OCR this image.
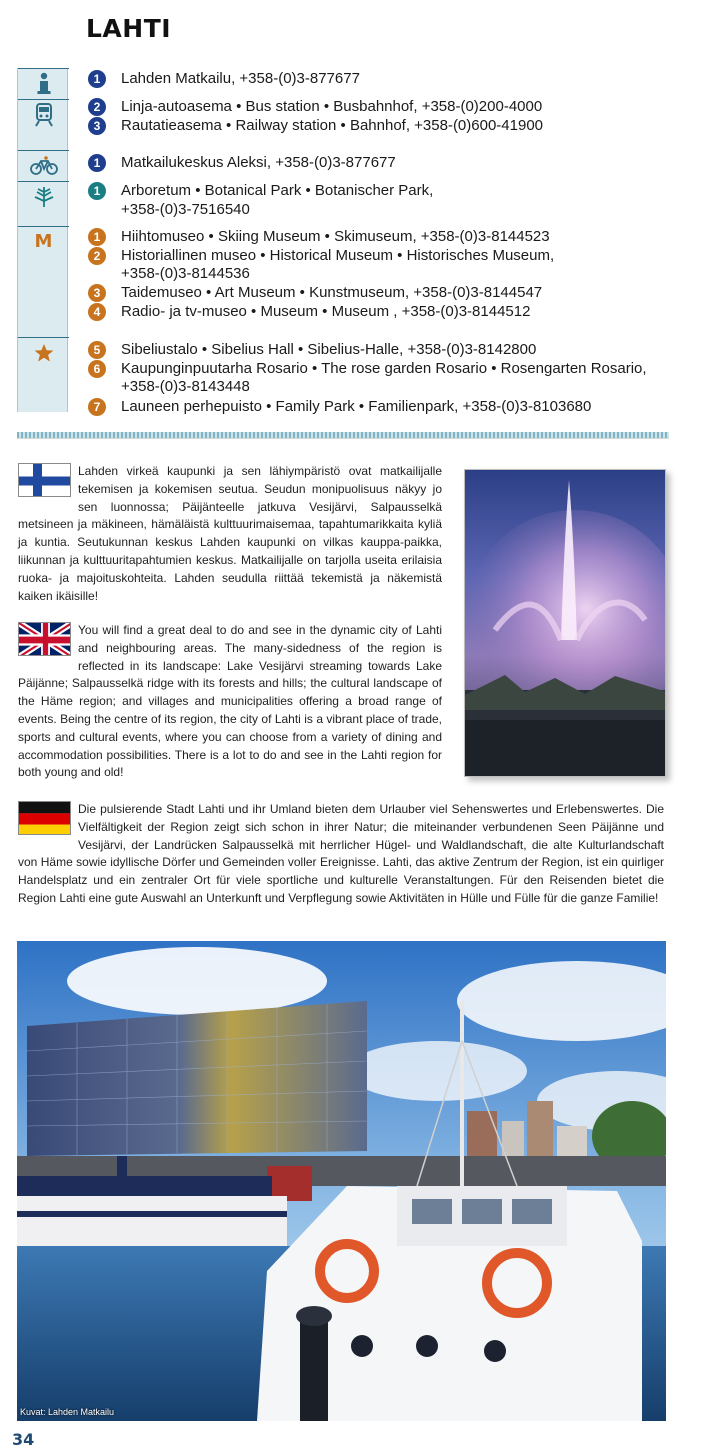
LAHTI
M
1	Lahden Matkailu, +358-(0)3-877677
2	Linja-autoasema • Bus station • Busbahnhof, +358-(0)200-4000
3	Rautatieasema • Railway station • Bahnhof, +358-(0)600-41900
1	Matkailukeskus Aleksi, +358-(0)3-877677
1	Arboretum • Botanical Park • Botanischer Park,
+358-(0)3-7516540
1	Hiihtomuseo • Skiing Museum • Skimuseum, +358-(0)3-8144523
2	Historiallinen museo • Historical Museum • Historisches Museum,
+358-(0)3-8144536
3	Taidemuseo • Art Museum • Kunstmuseum, +358-(0)3-8144547
4	Radio- ja tv-museo • Museum • Museum , +358-(0)3-8144512
5	Sibeliustalo • Sibelius Hall • Sibelius-Halle, +358-(0)3-8142800
6	Kaupunginpuutarha Rosario • The rose garden Rosario • Rosengarten Rosario,
+358-(0)3-8143448
7	Launeen perhepuisto • Family Park • Familienpark, +358-(0)3-8103680
Lahden virkeä kaupunki ja sen lähiympäristö ovat matkailijalle tekemisen ja kokemisen seutua. Seudun monipuolisuus näkyy jo sen luonnossa; Päijänteelle jatkuva Vesijärvi, Salpausselkä metsineen ja mäkineen, hämäläistä kulttuurimaisemaa, tapahtumarikkaita kyliä ja kuntia. Seutukunnan keskus Lahden kaupunki on vilkas kauppa-paikka, liikunnan ja kulttuuritapahtumien keskus. Matkailijalle on tarjolla useita erilaisia ruoka- ja majoituskohteita. Lahden seudulla riittää tekemistä ja näkemistä kaiken ikäisille!
You will find a great deal to do and see in the dynamic city of Lahti and neighbouring areas. The many-sidedness of the region is reflected in its landscape: Lake Vesijärvi streaming towards Lake Päijänne; Salpausselkä ridge with its forests and hills; the cultural landscape of the Häme region; and villages and municipalities offering a broad range of events. Being the centre of its region, the city of Lahti is a vibrant place of trade, sports and cultural events, where you can choose from a variety of dining and accommodation possibilities. There is a lot to do and see in the Lahti region for both young and old!
Die pulsierende Stadt Lahti und ihr Umland bieten dem Urlauber viel Sehenswertes und Erlebenswertes. Die Vielfältigkeit der Region zeigt sich schon in ihrer Natur; die miteinander verbundenen Seen Päijänne und Vesijärvi, der Landrücken Salpausselkä mit herrlicher Hügel- und Waldlandschaft, die alte Kulturlandschaft von Häme sowie idyllische Dörfer und Gemeinden voller Ereignisse. Lahti, das aktive Zentrum der Region, ist ein quirliger Handelsplatz und ein zentraler Ort für viele sportliche und kulturelle Veranstaltungen. Für den Reisenden bietet die Region Lahti eine gute Auswahl an Unterkunft und Verpflegung sowie Aktivitäten in Hülle und Fülle für die ganze Familie!
Kuvat: Lahden Matkailu
34
